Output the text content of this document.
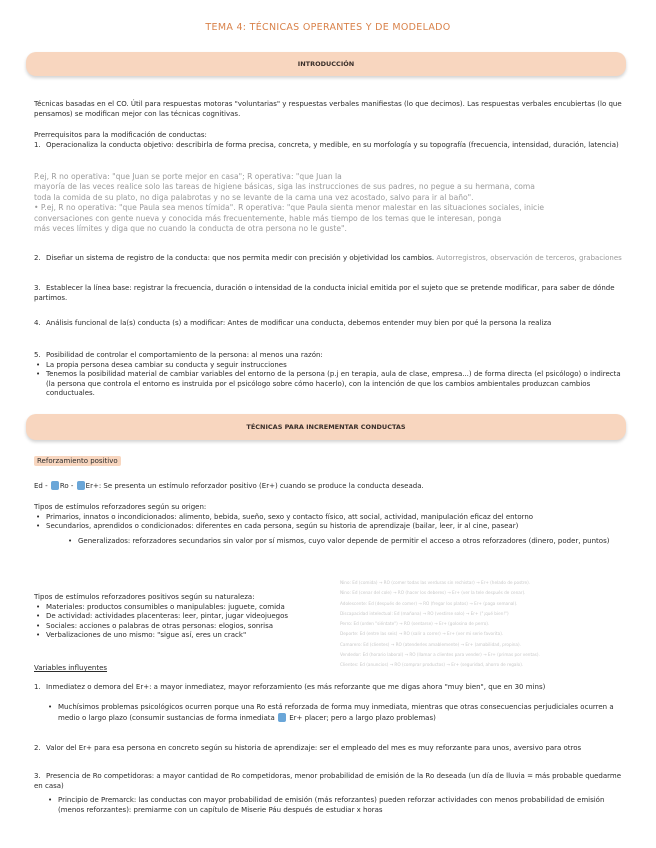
TEMA 4: TÉCNICAS OPERANTES Y DE MODELADO
INTRODUCCIÓN

Técnicas basadas en el CO. Útil para respuestas motoras "voluntarias" y respuestas verbales manifiestas (lo que decimos). Las respuestas verbales encubiertas (lo que pensamos) se modifican mejor con las técnicas cognitivas.

Prerrequisitos para la modificación de conductas:

1. Operacionaliza la conducta objetivo: describirla de forma precisa, concreta, y medible, en su morfología y su topografía (frecuencia, intensidad, duración, latencia)

P.ej, R no operativa: "que Juan se porte mejor en casa"; R operativa: "que Juan la

mayoría de las veces realice solo las tareas de higiene básicas, siga las instrucciones de sus padres, no pegue a su hermana, coma

toda la comida de su plato, no diga palabrotas y no se levante de la cama una vez acostado, salvo para ir al baño".

• P.ej, R no operativa: "que Paula sea menos tímida". R operativa: "que Paula sienta menor malestar en las situaciones sociales, inicie

conversaciones con gente nueva y conocida más frecuentemente, hable más tiempo de los temas que le interesan, ponga

más veces límites y diga que no cuando la conducta de otra persona no le guste".

2. Diseñar un sistema de registro de la conducta: que nos permita medir con precisión y objetividad los cambios. Autorregistros, observación de terceros, grabaciones

3. Establecer la línea base: registrar la frecuencia, duración o intensidad de la conducta inicial emitida por el sujeto que se pretende modificar, para saber de dónde partimos.

4. Análisis funcional de la(s) conducta (s) a modificar: Antes de modificar una conducta, debemos entender muy bien por qué la persona la realiza

5. Posibilidad de controlar el comportamiento de la persona: al menos una razón:

• La propia persona desea cambiar su conducta y seguir instrucciones

• Tenemos la posibilidad material de cambiar variables del entorno de la persona (p.j en terapia, aula de clase, empresa...) de forma directa (el psicólogo) o indirecta (la persona que controla el entorno es instruida por el psicólogo sobre cómo hacerlo), con la intención de que los cambios ambientales produzcan cambios conductuales.

TÉCNICAS PARA INCREMENTAR CONDUCTAS
Reforzamiento positivo

Ed - Ro - Er+: Se presenta un estímulo reforzador positivo (Er+) cuando se produce la conducta deseada.

Tipos de estímulos reforzadores según su origen:

• Primarios, innatos o incondicionados: alimento, bebida, sueño, sexo y contacto físico, att social, actividad, manipulación eficaz del entorno

• Secundarios, aprendidos o condicionados: diferentes en cada persona, según su historia de aprendizaje (bailar, leer, ir al cine, pasear)

• Generalizados: reforzadores secundarios sin valor por sí mismos, cuyo valor depende de permitir el acceso a otros reforzadores (dinero, poder, puntos)

Tipos de estímulos reforzadores positivos según su naturaleza:

• Materiales: productos consumibles o manipulables: juguete, comida

• De actividad: actividades placenteras: leer, pintar, jugar videojuegos

• Sociales: acciones o palabras de otras personas: elogios, sonrisa

• Verbalizaciones de uno mismo: "sigue así, eres un crack"

Nino: Ed (comida) → RO (comer todas las verduras sin rechistar) → Er+ (helado de postre).

Nino: Ed (cenar del cole) → RO (hacer los deberes) → Er+ (ver la tele después de cenar).

Adolescente: Ed (después de comer) → RO (fregar los platos) → Er+ (paga semanal).

Discapacidad intelectual: Ed (mañana) → RO (vestirse solo) → Er+ ("¡qué bien!")

Perro: Ed (orden "siéntate") → RO (sentarse) → Er+ (golosina de perro).

Deporte: Ed (entre las seis) → RO (salir a correr) → Er+ (ver mi serie favorita).

Camarero: Ed (clientes) → RO (atenderles amablemente) → Er+ (amabilidad, propina).

Vendedor: Ed (horario laboral) → RO (llamar a clientes para vender) → Er+ (primas por ventas).

Clientes: Ed (anuncios) → RO (comprar productos) → Er+ (seguridad, ahorro de regalo).

Variables influyentes

1. Inmediatez o demora del Er+: a mayor inmediatez, mayor reforzamiento (es más reforzante que me digas ahora "muy bien", que en 30 mins)

• Muchísimos problemas psicológicos ocurren porque una Ro está reforzada de forma muy inmediata, mientras que otras consecuencias perjudiciales ocurren a medio o largo plazo (consumir sustancias de forma inmediata Er+ placer; pero a largo plazo problemas)

2. Valor del Er+ para esa persona en concreto según su historia de aprendizaje: ser el empleado del mes es muy reforzante para unos, aversivo para otros

3. Presencia de Ro competidoras: a mayor cantidad de Ro competidoras, menor probabilidad de emisión de la Ro deseada (un día de lluvia = más probable quedarme en casa)

• Principio de Premarck: las conductas con mayor probabilidad de emisión (más reforzantes) pueden reforzar actividades con menos probabilidad de emisión (menos reforzantes): premiarme con un capítulo de Miserie Páu después de estudiar x horas
